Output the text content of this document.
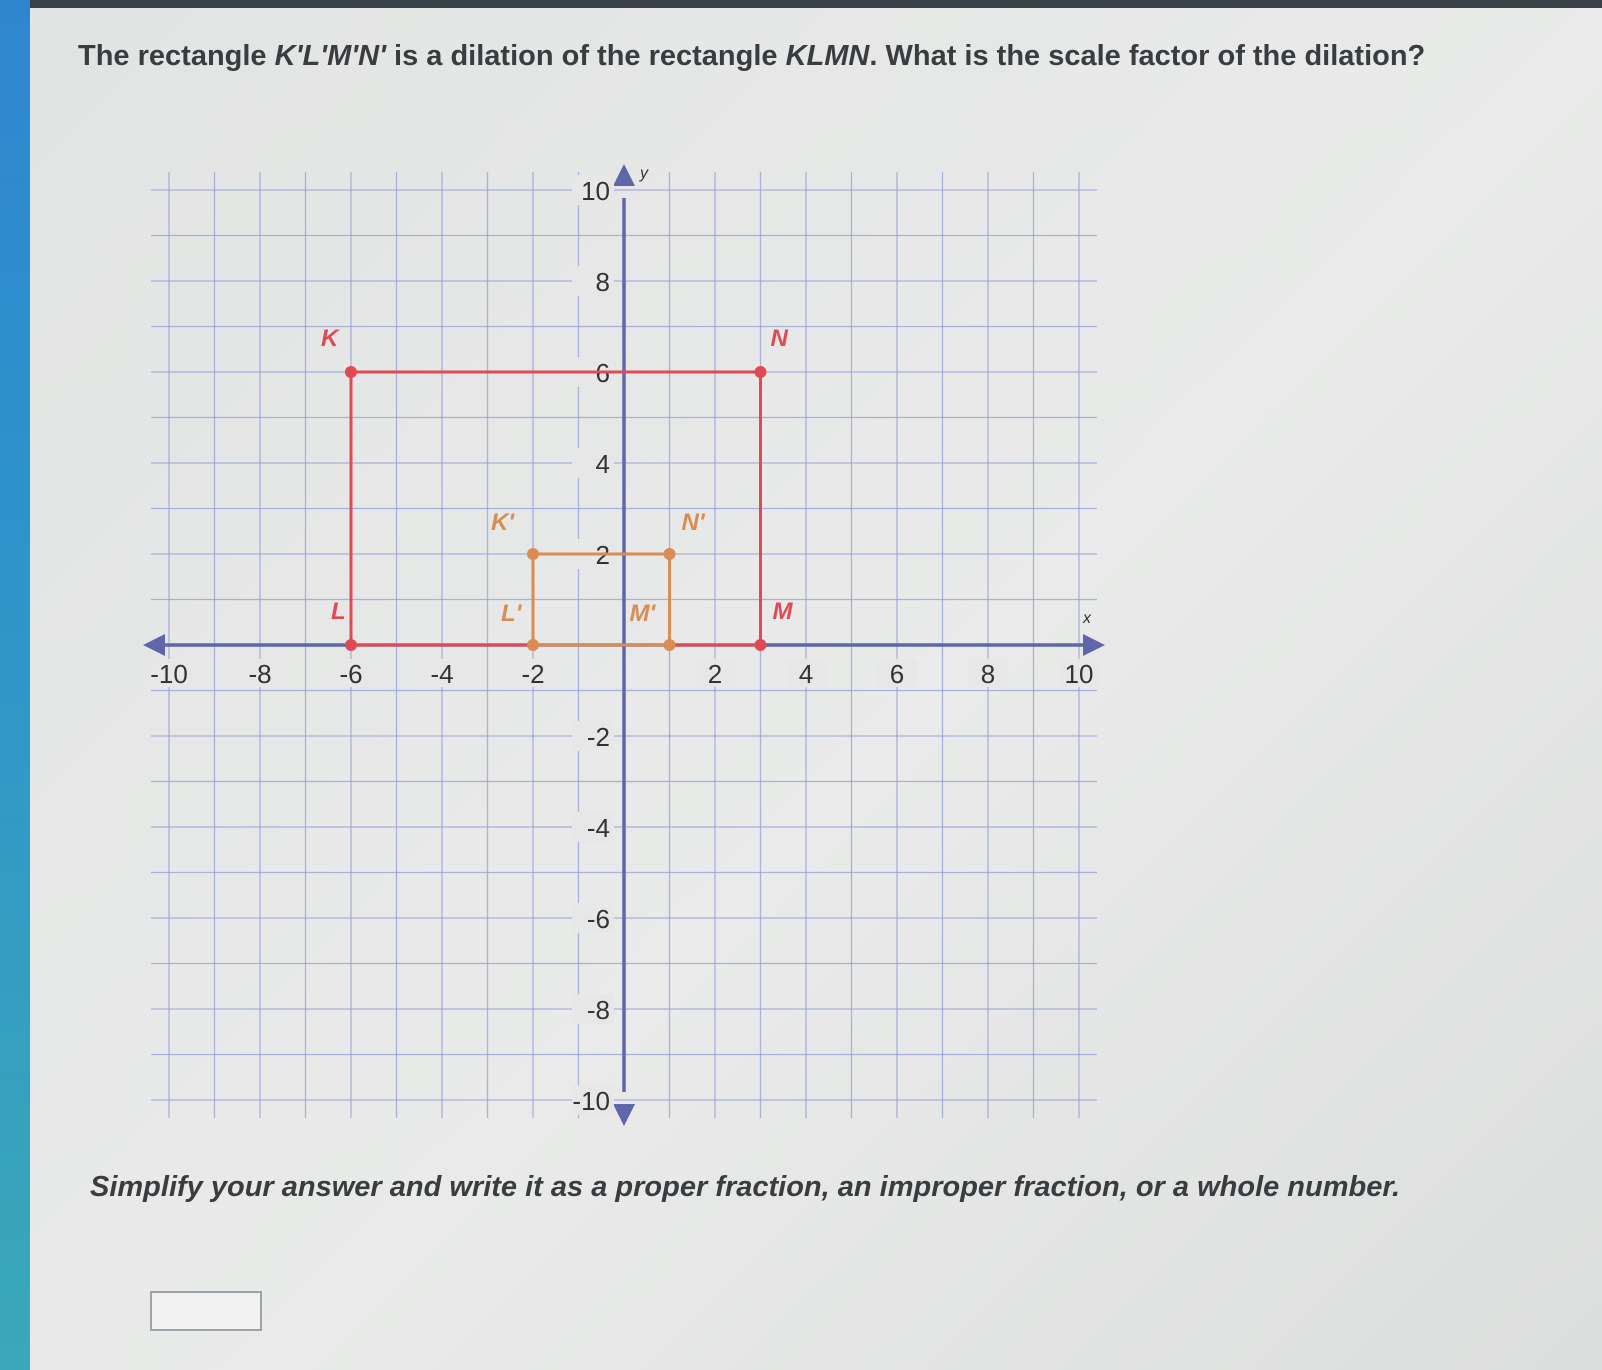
The rectangle K'L'M'N' is a dilation of the rectangle KLMN. What is the scale factor of the dilation?
x
y
-10 -8	-6	-4	-2	2	4	6	8	10
10
8
6
4
2
-2
-4
-6
-8
-10
K
L	M
N
K'
L'	M'
N'
Simplify your answer and write it as a proper fraction, an improper fraction, or a whole number.
